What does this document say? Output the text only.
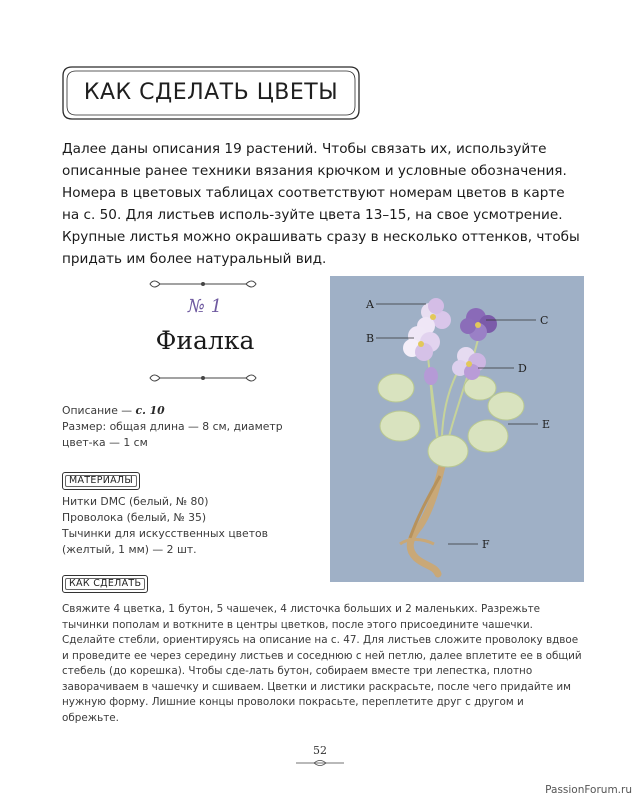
КАК СДЕЛАТЬ ЦВЕТЫ

Далее даны описания 19 растений. Чтобы связать их, используйте описанные ранее техники вязания крючком и условные обозначения. Номера в цветовых таблицах соответствуют номерам цветов в карте на с. 50. Для листьев исполь-зуйте цвета 13–15, на свое усмотрение. Крупные листья можно окрашивать сразу в несколько оттенков, чтобы придать им более натуральный вид.

№ 1
Фиалка
Описание — с. 10
Размер: общая длина — 8 см, диаметр цвет-ка — 1 см
МАТЕРИАЛЫ
Нитки DMC (белый, № 80)
Проволока (белый, № 35)
Тычинки для искусственных цветов (желтый, 1 мм) — 2 шт.
КАК СДЕЛАТЬ
Свяжите 4 цветка, 1 бутон, 5 чашечек, 4 листочка больших и 2 маленьких. Разрежьте тычинки пополам и воткните в центры цветков, после этого присоедините чашечки. Сделайте стебли, ориентируясь на описание на с. 47. Для листьев сложите проволоку вдвое и проведите ее через середину листьев и соседнюю с ней петлю, далее вплетите ее в общий стебель (до корешка). Чтобы сде-лать бутон, собираем вместе три лепестка, плотно заворачиваем в чашечку и сшиваем. Цветки и листики раскрасьте, после чего придайте им нужную форму. Лишние концы проволоки покрасьте, переплетите друг с другом и обрежьте.
A
B
C
D
E
F
52
PassionForum.ru
